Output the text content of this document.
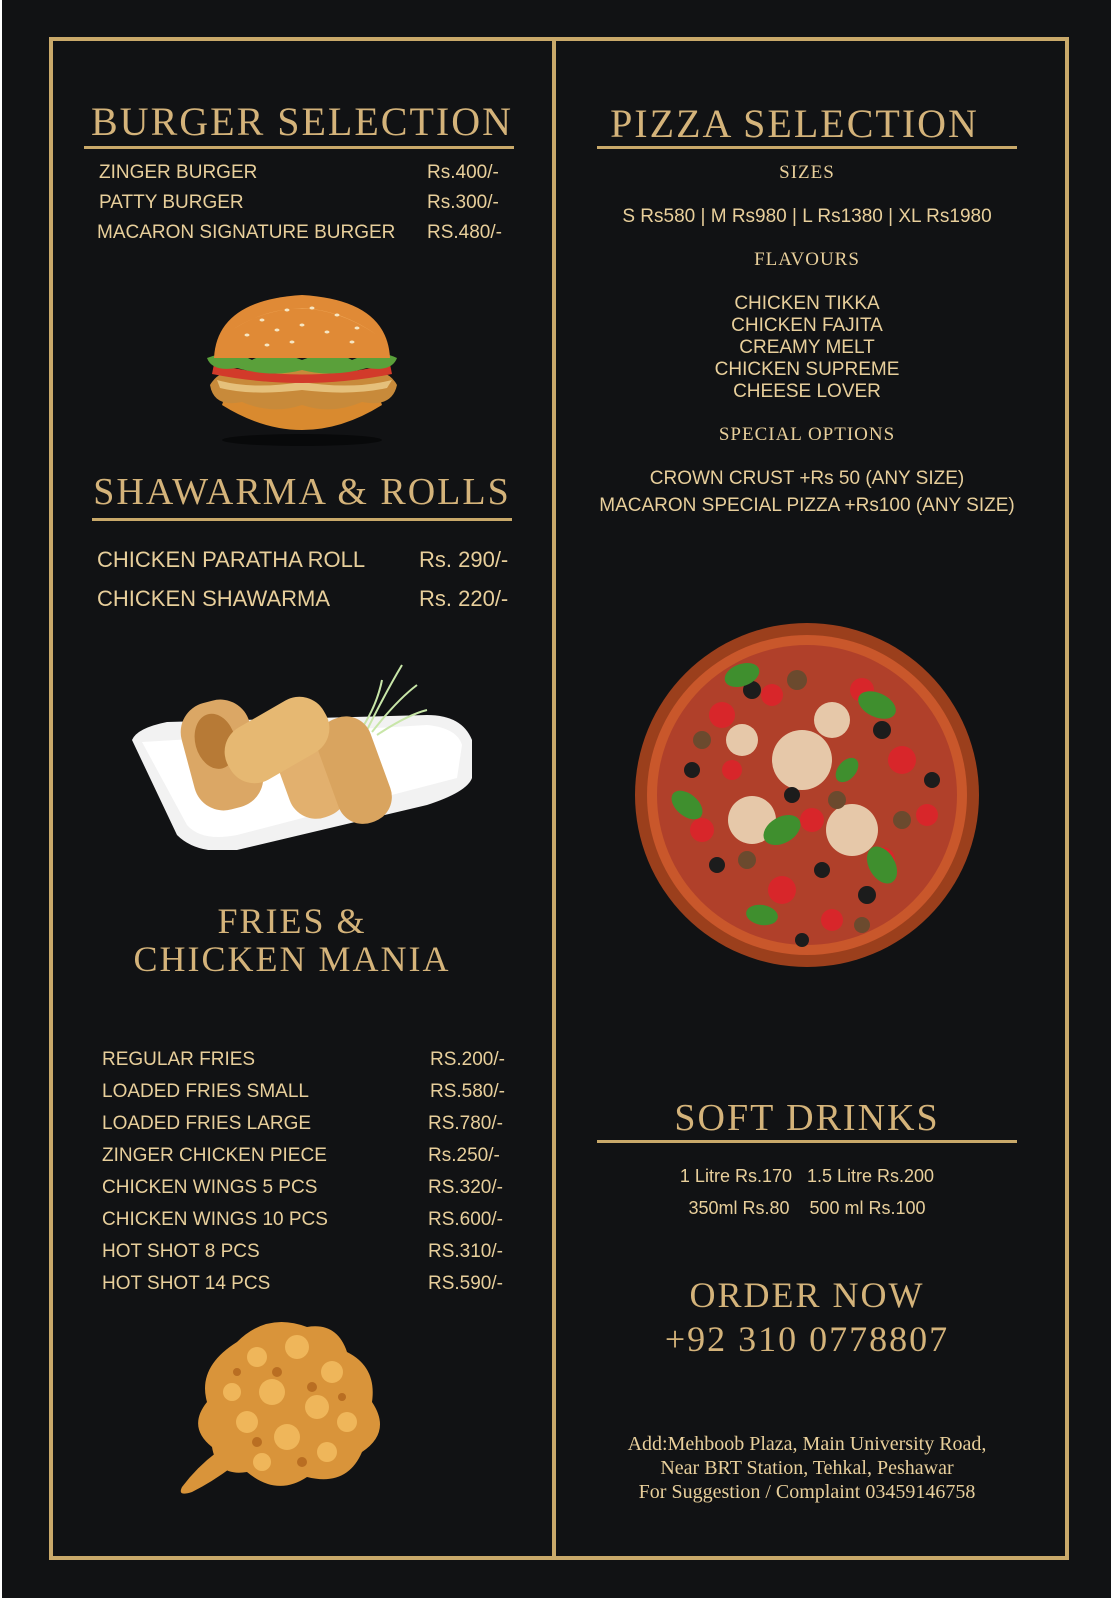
BURGER SELECTION
ZINGER BURGER	Rs.400/-
PATTY BURGER	Rs.300/-
MACARON SIGNATURE BURGER RS.480/-
SHAWARMA & ROLLS
CHICKEN PARATHA ROLL Rs. 290/-
CHICKEN SHAWARMA	Rs. 220/-
FRIES &
CHICKEN MANIA
REGULAR FRIES	RS.200/-
LOADED FRIES SMALL	RS.580/-
LOADED FRIES LARGE	RS.780/-
ZINGER CHICKEN PIECE	Rs.250/-
CHICKEN WINGS 5 PCS	RS.320/-
CHICKEN WINGS 10 PCS	RS.600/-
HOT SHOT 8 PCS	RS.310/-
HOT SHOT 14 PCS	RS.590/-
PIZZA SELECTION
SIZES
S Rs580 | M Rs980 | L Rs1380 | XL Rs1980
FLAVOURS
CHICKEN TIKKA
CHICKEN FAJITA
CREAMY MELT
CHICKEN SUPREME
CHEESE LOVER
SPECIAL OPTIONS
CROWN CRUST +Rs 50 (ANY SIZE)
MACARON SPECIAL PIZZA +Rs100 (ANY SIZE)
SOFT DRINKS
1 Litre Rs.170   1.5 Litre Rs.200
350ml Rs.80    500 ml Rs.100
ORDER NOW
+92 310 0778807
Add:Mehboob Plaza, Main University Road,
Near BRT Station, Tehkal, Peshawar
For Suggestion / Complaint 03459146758
